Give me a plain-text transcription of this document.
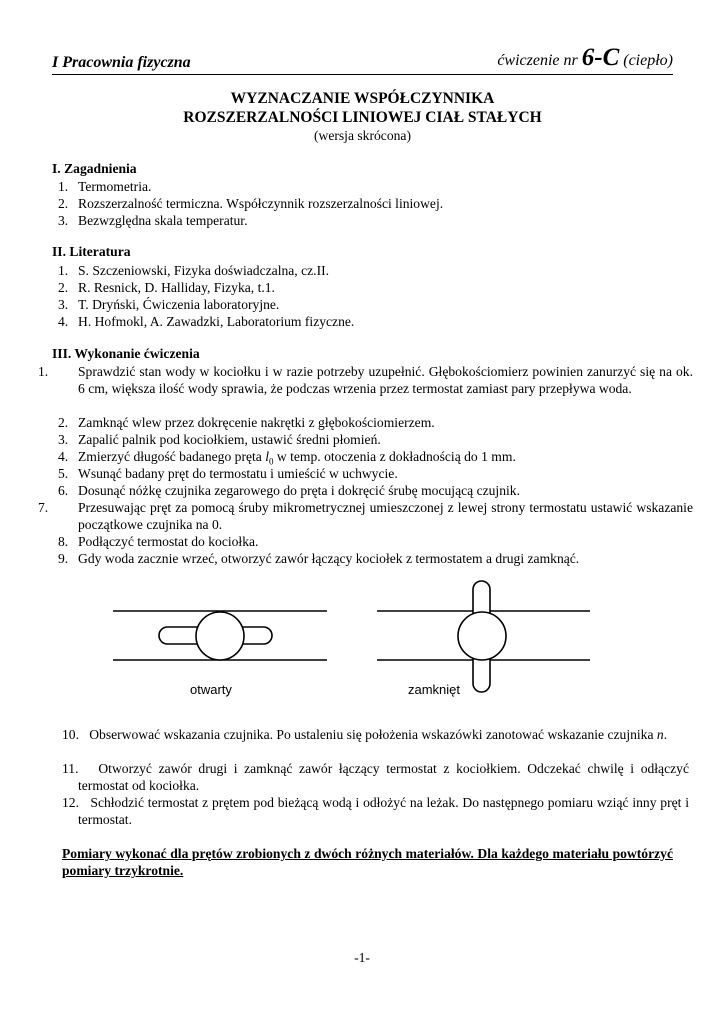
I Pracownia fizyczna	ćwiczenie nr 6-C (ciepło)
WYZNACZANIE WSPÓŁCZYNNIKA
ROZSZERZALNOŚCI LINIOWEJ CIAŁ STAŁYCH
(wersja skrócona)
I. Zagadnienia
1. Termometria.
2. Rozszerzalność termiczna. Współczynnik rozszerzalności liniowej.
3. Bezwzględna skala temperatur.
II. Literatura
1. S. Szczeniowski, Fizyka doświadczalna, cz.II.
2. R. Resnick, D. Halliday, Fizyka, t.1.
3. T. Dryński, Ćwiczenia laboratoryjne.
4. H. Hofmokl, A. Zawadzki, Laboratorium fizyczne.
III. Wykonanie ćwiczenia
1. Sprawdzić stan wody w kociołku i w razie potrzeby uzupełnić. Głębokościomierz powinien zanurzyć się na ok. 6 cm, większa ilość wody sprawia, że podczas wrzenia przez termostat zamiast pary przepływa woda.
2. Zamknąć wlew przez dokręcenie nakrętki z głębokościomierzem.
3. Zapalić palnik pod kociołkiem, ustawić średni płomień.
4. Zmierzyć długość badanego pręta $l_0$ w temp. otoczenia z dokładnością do 1 mm.
5. Wsunąć badany pręt do termostatu i umieścić w uchwycie.
6. Dosunąć nóżkę czujnika zegarowego do pręta i dokręcić śrubę mocującą czujnik.
7. Przesuwając pręt za pomocą śruby mikrometrycznej umieszczonej z lewej strony termostatu ustawić wskazanie początkowe czujnika na 0.
8. Podłączyć termostat do kociołka.
9. Gdy woda zacznie wrzeć, otworzyć zawór łączący kociołek z termostatem a drugi zamknąć.
otwarty	zamknięt
10. Obserwować wskazania czujnika. Po ustaleniu się położenia wskazówki zanotować wskazanie czujnika n.
11. Otworzyć zawór drugi i zamknąć zawór łączący termostat z kociołkiem. Odczekać chwilę i odłączyć termostat od kociołka.
12. Schłodzić termostat z prętem pod bieżącą wodą i odłożyć na leżak. Do następnego pomiaru wziąć inny pręt i termostat.
Pomiary wykonać dla prętów zrobionych z dwóch różnych materiałów. Dla każdego materiału powtórzyć pomiary trzykrotnie.
-1-
